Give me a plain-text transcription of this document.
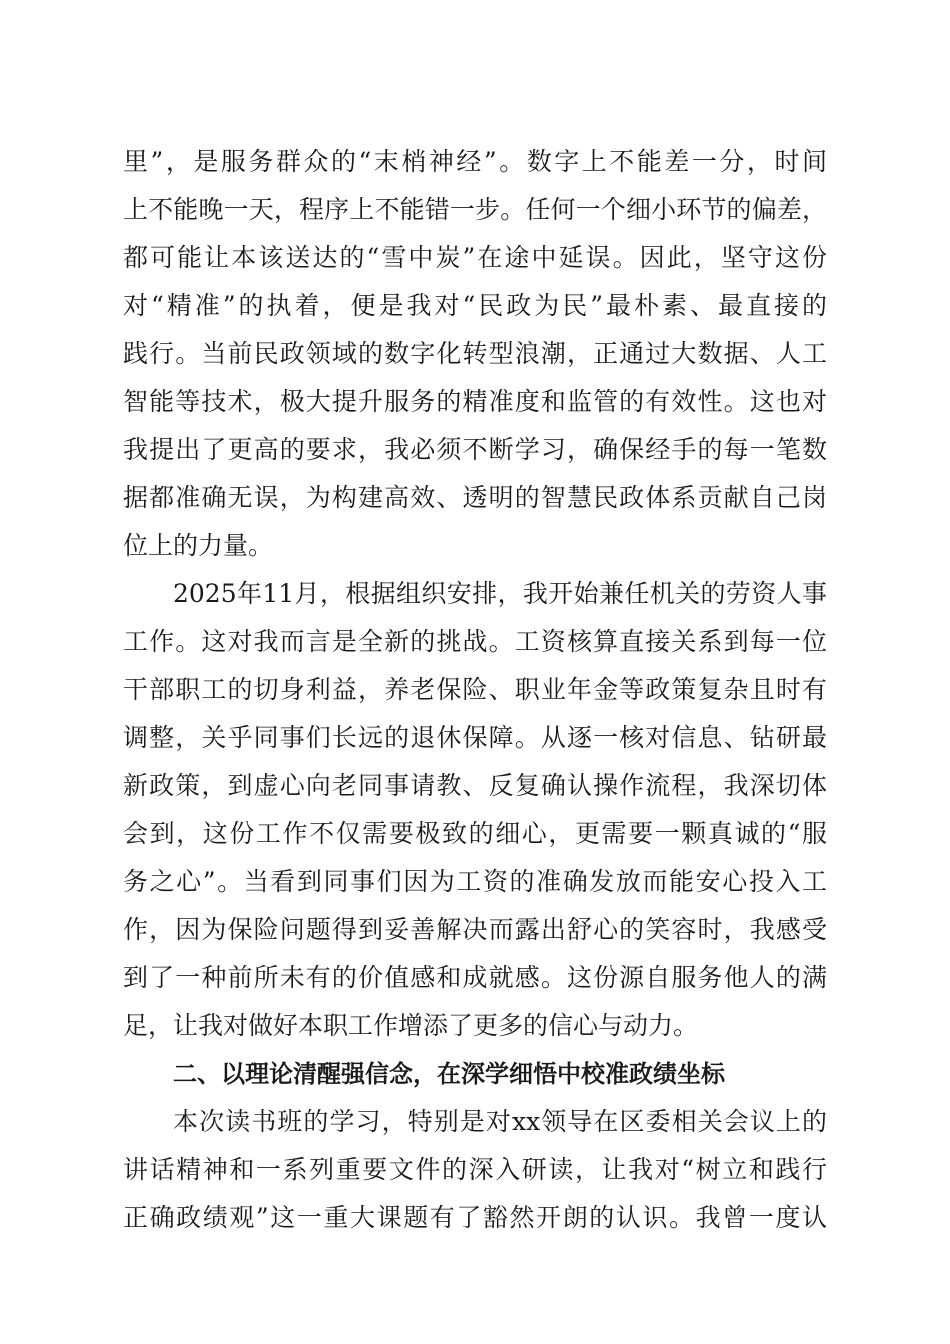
里”，是服务群众的“末梢神经”。数字上不能差一分，时间
上不能晚一天，程序上不能错一步。任何一个细小环节的偏差，
都可能让本该送达的“雪中炭”在途中延误。因此，坚守这份
对“精准”的执着，便是我对“民政为民”最朴素、最直接的
践行。当前民政领域的数字化转型浪潮，正通过大数据、人工
智能等技术，极大提升服务的精准度和监管的有效性。这也对
我提出了更高的要求，我必须不断学习，确保经手的每一笔数
据都准确无误，为构建高效、透明的智慧民政体系贡献自己岗
位上的力量。
2025年11月，根据组织安排，我开始兼任机关的劳资人事
工作。这对我而言是全新的挑战。工资核算直接关系到每一位
干部职工的切身利益，养老保险、职业年金等政策复杂且时有
调整，关乎同事们长远的退休保障。从逐一核对信息、钻研最
新政策，到虚心向老同事请教、反复确认操作流程，我深切体
会到，这份工作不仅需要极致的细心，更需要一颗真诚的“服
务之心”。当看到同事们因为工资的准确发放而能安心投入工
作，因为保险问题得到妥善解决而露出舒心的笑容时，我感受
到了一种前所未有的价值感和成就感。这份源自服务他人的满
足，让我对做好本职工作增添了更多的信心与动力。
二、以理论清醒强信念，在深学细悟中校准政绩坐标
本次读书班的学习，特别是对xx领导在区委相关会议上的
讲话精神和一系列重要文件的深入研读，让我对“树立和践行
正确政绩观”这一重大课题有了豁然开朗的认识。我曾一度认
